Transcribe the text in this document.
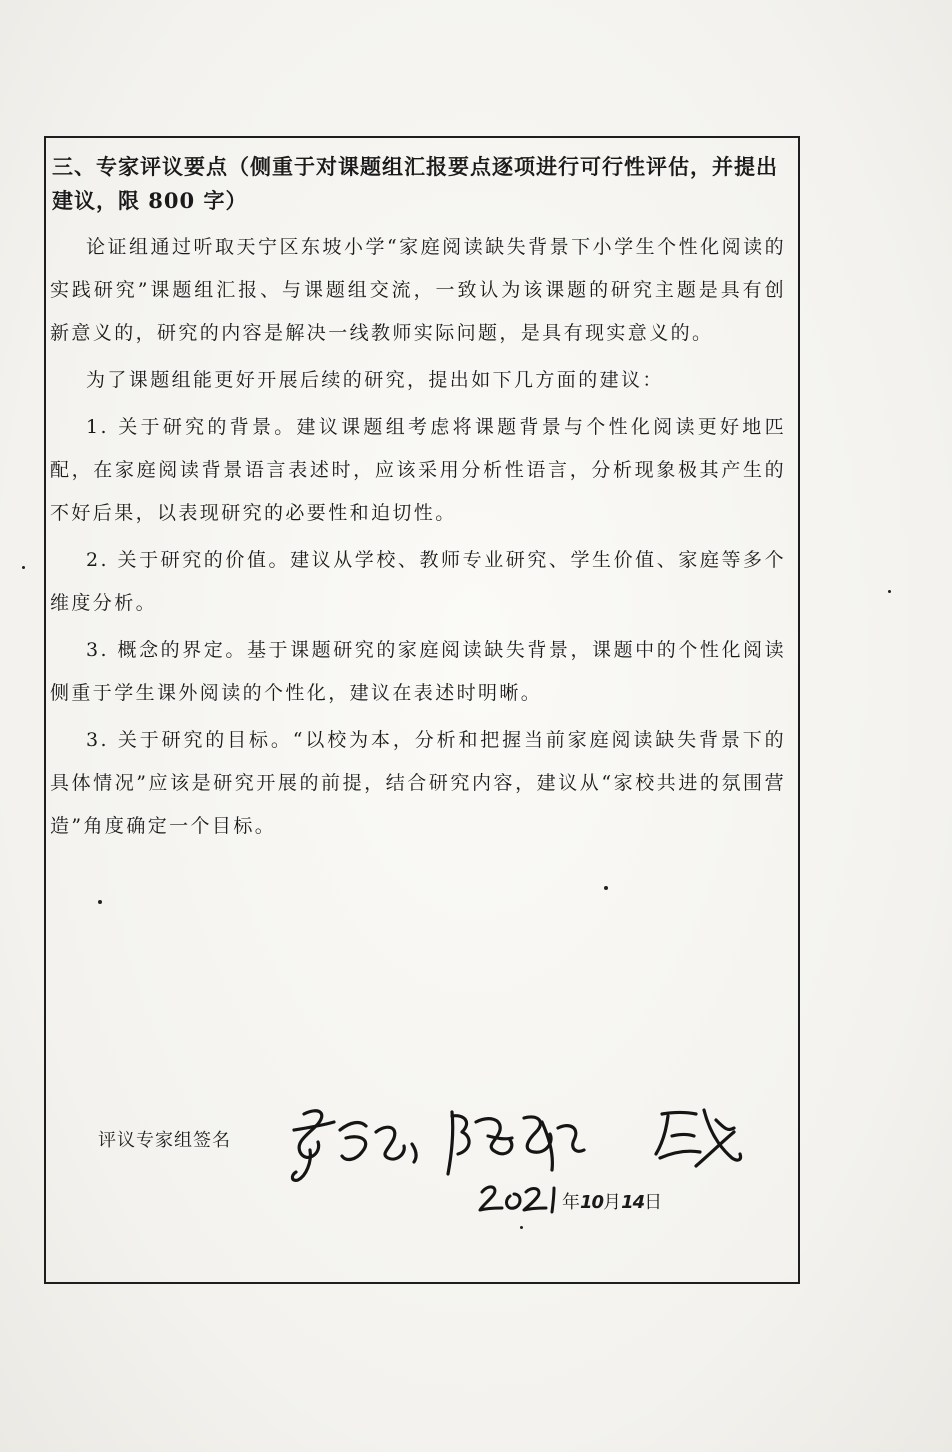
三、专家评议要点（侧重于对课题组汇报要点逐项进行可行性评估，并提出建议，限 800 字）

论证组通过听取天宁区东坡小学“家庭阅读缺失背景下小学生个性化阅读的实践研究”课题组汇报、与课题组交流，一致认为该课题的研究主题是具有创新意义的，研究的内容是解决一线教师实际问题，是具有现实意义的。

为了课题组能更好开展后续的研究，提出如下几方面的建议：

1. 关于研究的背景。建议课题组考虑将课题背景与个性化阅读更好地匹配，在家庭阅读背景语言表述时，应该采用分析性语言，分析现象极其产生的不好后果，以表现研究的必要性和迫切性。

2. 关于研究的价值。建议从学校、教师专业研究、学生价值、家庭等多个维度分析。

3. 概念的界定。基于课题研究的家庭阅读缺失背景，课题中的个性化阅读侧重于学生课外阅读的个性化，建议在表述时明晰。

3. 关于研究的目标。“以校为本，分析和把握当前家庭阅读缺失背景下的具体情况”应该是研究开展的前提，结合研究内容，建议从“家校共进的氛围营造”角度确定一个目标。

评议专家组签名
年10月14日
